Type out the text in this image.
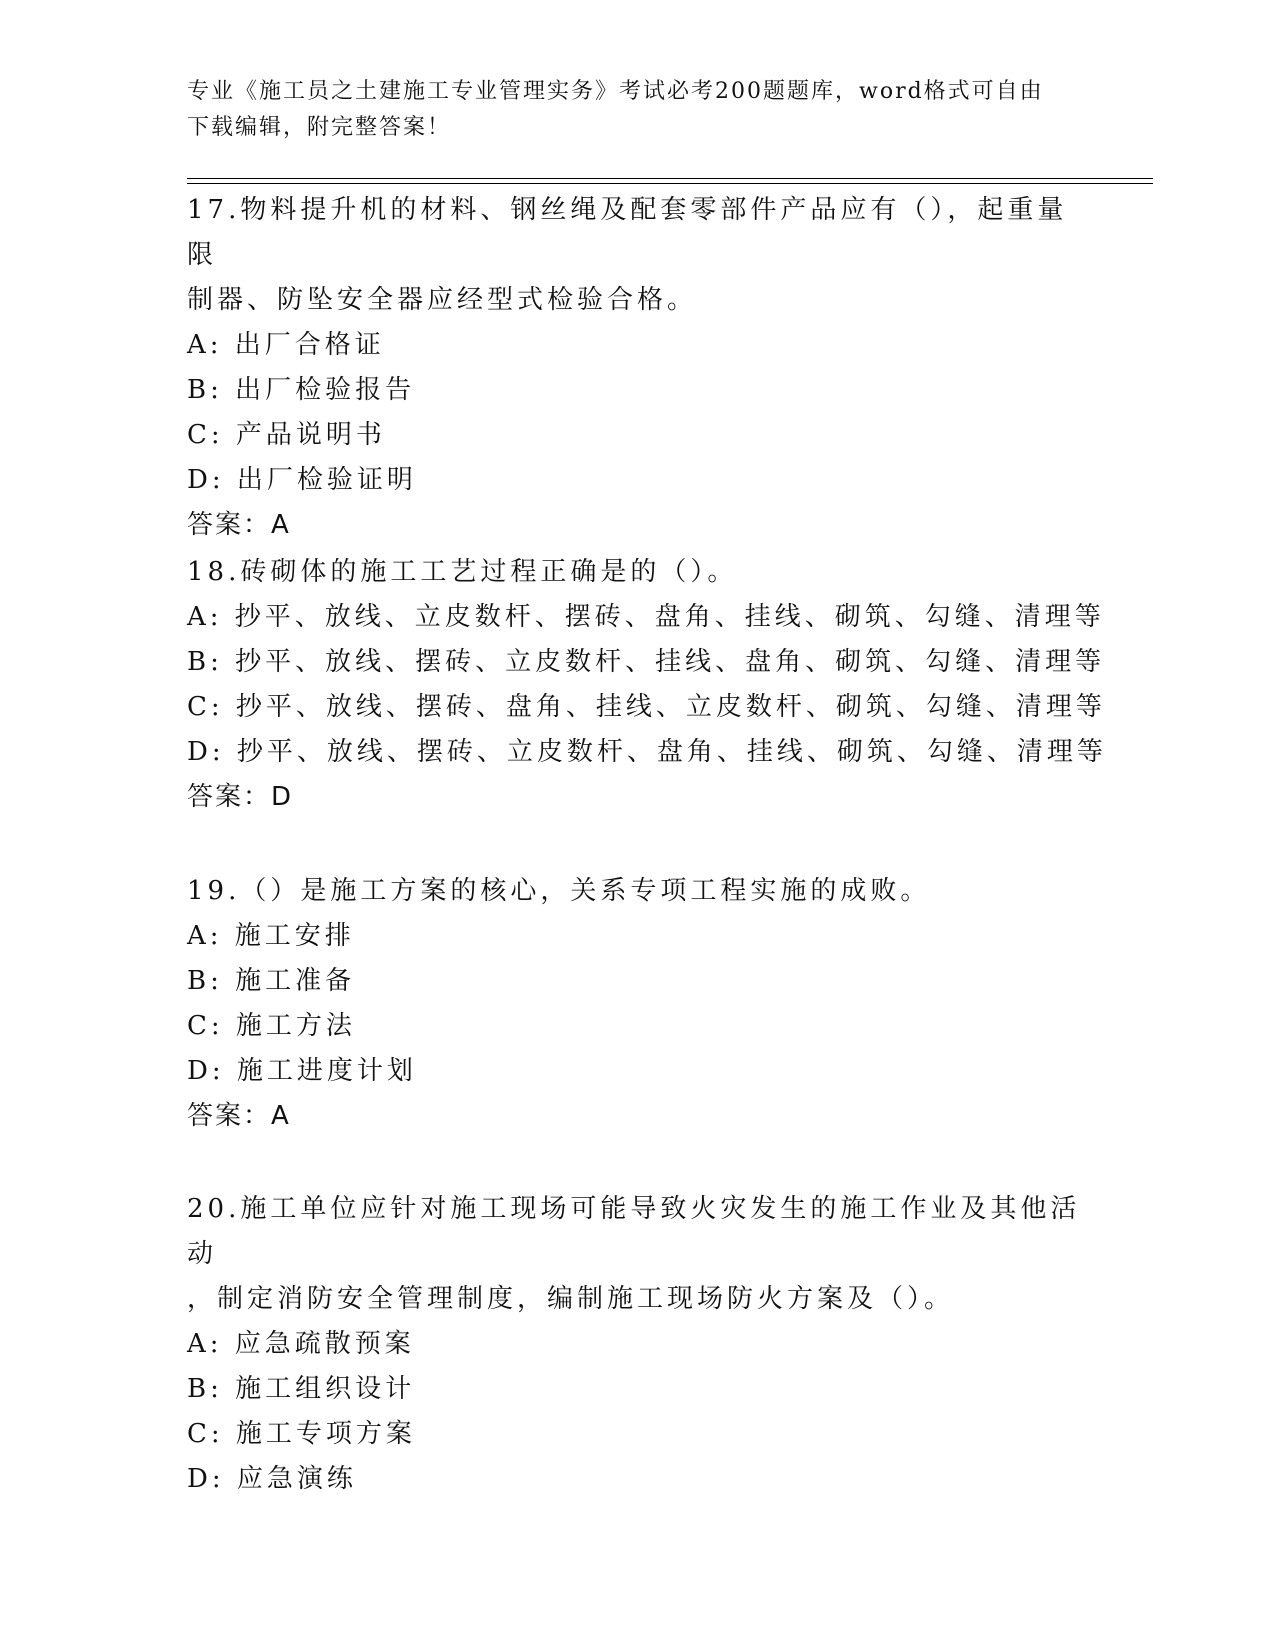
专业《施工员之土建施工专业管理实务》考试必考200题题库，word格式可自由
下载编辑，附完整答案！
17.物料提升机的材料、钢丝绳及配套零部件产品应有（），起重量限
制器、防坠安全器应经型式检验合格。
A: 出厂合格证
B: 出厂检验报告
C: 产品说明书
D: 出厂检验证明
答案：A
18.砖砌体的施工工艺过程正确是的（）。
A: 抄平、放线、立皮数杆、摆砖、盘角、挂线、砌筑、勾缝、清理等
B: 抄平、放线、摆砖、立皮数杆、挂线、盘角、砌筑、勾缝、清理等
C: 抄平、放线、摆砖、盘角、挂线、立皮数杆、砌筑、勾缝、清理等
D: 抄平、放线、摆砖、立皮数杆、盘角、挂线、砌筑、勾缝、清理等
答案：D
19.（）是施工方案的核心，关系专项工程实施的成败。
A: 施工安排
B: 施工准备
C: 施工方法
D: 施工进度计划
答案：A
20.施工单位应针对施工现场可能导致火灾发生的施工作业及其他活动
，制定消防安全管理制度，编制施工现场防火方案及（）。
A: 应急疏散预案
B: 施工组织设计
C: 施工专项方案
D: 应急演练
